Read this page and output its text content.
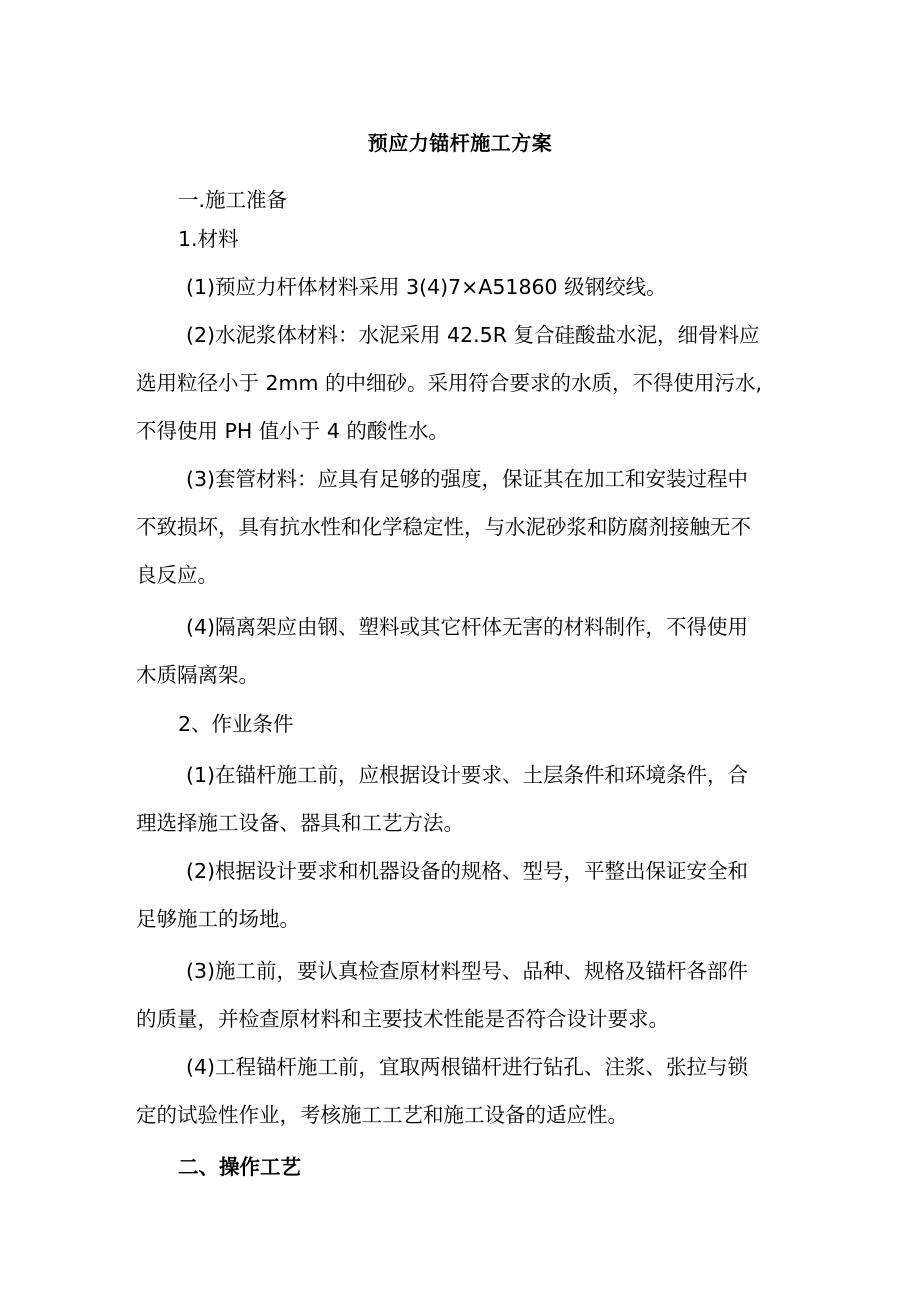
预应力锚杆施工方案
一.施工准备
1.材料
(1)预应力杆体材料采用 3(4)7×A51860 级钢绞线。
(2)水泥浆体材料：水泥采用 42.5R 复合硅酸盐水泥，细骨料应
选用粒径小于 2mm 的中细砂。采用符合要求的水质，不得使用污水,
不得使用 PH 值小于 4 的酸性水。
(3)套管材料：应具有足够的强度，保证其在加工和安装过程中
不致损坏，具有抗水性和化学稳定性，与水泥砂浆和防腐剂接触无不
良反应。
(4)隔离架应由钢、塑料或其它杆体无害的材料制作，不得使用
木质隔离架。
2、作业条件
(1)在锚杆施工前，应根据设计要求、土层条件和环境条件，合
理选择施工设备、器具和工艺方法。
(2)根据设计要求和机器设备的规格、型号，平整出保证安全和
足够施工的场地。
(3)施工前，要认真检查原材料型号、品种、规格及锚杆各部件
的质量，并检查原材料和主要技术性能是否符合设计要求。
(4)工程锚杆施工前，宜取两根锚杆进行钻孔、注浆、张拉与锁
定的试验性作业，考核施工工艺和施工设备的适应性。
二、操作工艺
